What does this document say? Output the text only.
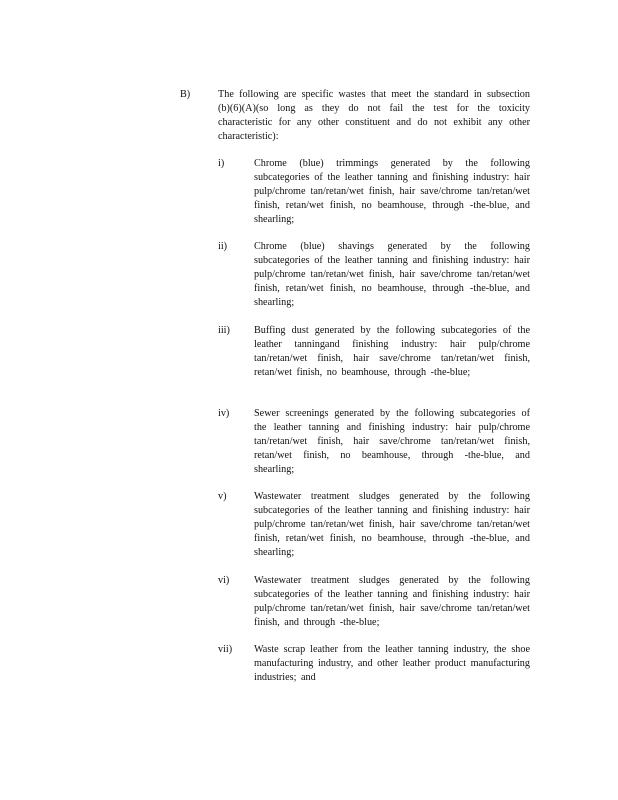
B)	The following are specific wastes that meet the standard in subsection (b)(6)(A)(so long as they do not fail the test for the toxicity characteristic for any other constituent and do not exhibit any other characteristic):
i)	Chrome (blue) trimmings generated by the following subcategories of the leather tanning and finishing industry: hair pulp/chrome tan/retan/wet finish, hair save/chrome tan/retan/wet finish, retan/wet finish, no beamhouse, through -the-blue, and shearling;
ii)	Chrome (blue) shavings generated by the following subcategories of the leather tanning and finishing industry: hair pulp/chrome tan/retan/wet finish, hair save/chrome tan/retan/wet finish, retan/wet finish, no beamhouse, through -the-blue, and shearling;
iii)	Buffing dust generated by the following subcategories of the leather tanningand finishing industry: hair pulp/chrome tan/retan/wet finish, hair save/chrome tan/retan/wet finish, retan/wet finish, no beamhouse, through -the-blue;
iv)	Sewer screenings generated by the following subcategories of the leather tanning and finishing industry: hair pulp/chrome tan/retan/wet finish, hair save/chrome tan/retan/wet finish, retan/wet finish, no beamhouse, through -the-blue, and shearling;
v)	Wastewater treatment sludges generated by the following subcategories of the leather tanning and finishing industry: hair pulp/chrome tan/retan/wet finish, hair save/chrome tan/retan/wet finish, retan/wet finish, no beamhouse, through -the-blue, and shearling;
vi)	Wastewater treatment sludges generated by the following subcategories of the leather tanning and finishing industry: hair pulp/chrome tan/retan/wet finish, hair save/chrome tan/retan/wet finish, and through -the-blue;
vii)	Waste scrap leather from the leather tanning industry, the shoe manufacturing industry, and other leather product manufacturing industries; and
